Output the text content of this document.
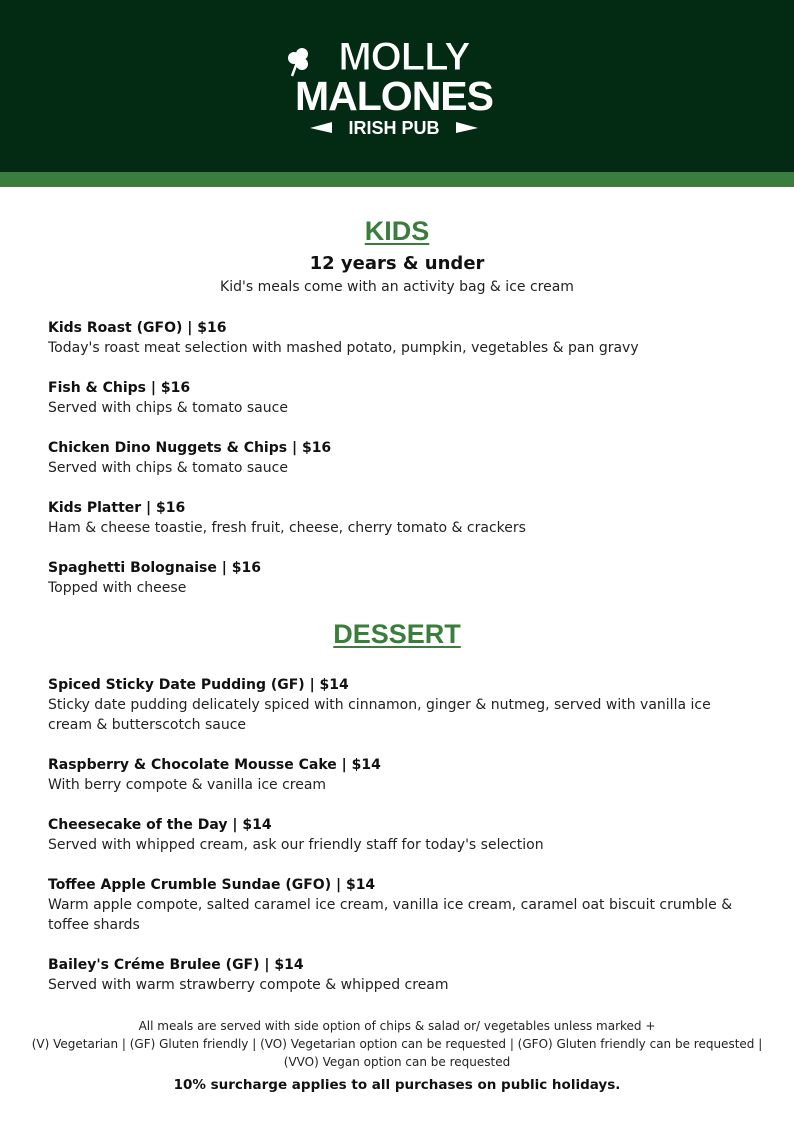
MOLLY
MALONES
IRISH PUB
KIDS
12 years & under
Kid's meals come with an activity bag & ice cream
Kids Roast (GFO) | $16
Today's roast meat selection with mashed potato, pumpkin, vegetables & pan gravy
Fish & Chips | $16
Served with chips & tomato sauce
Chicken Dino Nuggets & Chips | $16
Served with chips & tomato sauce
Kids Platter | $16
Ham & cheese toastie, fresh fruit, cheese, cherry tomato & crackers
Spaghetti Bolognaise | $16
Topped with cheese
DESSERT
Spiced Sticky Date Pudding (GF) | $14
Sticky date pudding delicately spiced with cinnamon, ginger & nutmeg, served with vanilla ice cream & butterscotch sauce
Raspberry & Chocolate Mousse Cake | $14
With berry compote & vanilla ice cream
Cheesecake of the Day | $14
Served with whipped cream, ask our friendly staff for today's selection
Toffee Apple Crumble Sundae (GFO) | $14
Warm apple compote, salted caramel ice cream, vanilla ice cream, caramel oat biscuit crumble & toffee shards
Bailey's Créme Brulee (GF) | $14
Served with warm strawberry compote & whipped cream
All meals are served with side option of chips & salad or/ vegetables unless marked +
(V) Vegetarian | (GF) Gluten friendly | (VO) Vegetarian option can be requested | (GFO) Gluten friendly can be requested | (VVO) Vegan option can be requested
10% surcharge applies to all purchases on public holidays.
